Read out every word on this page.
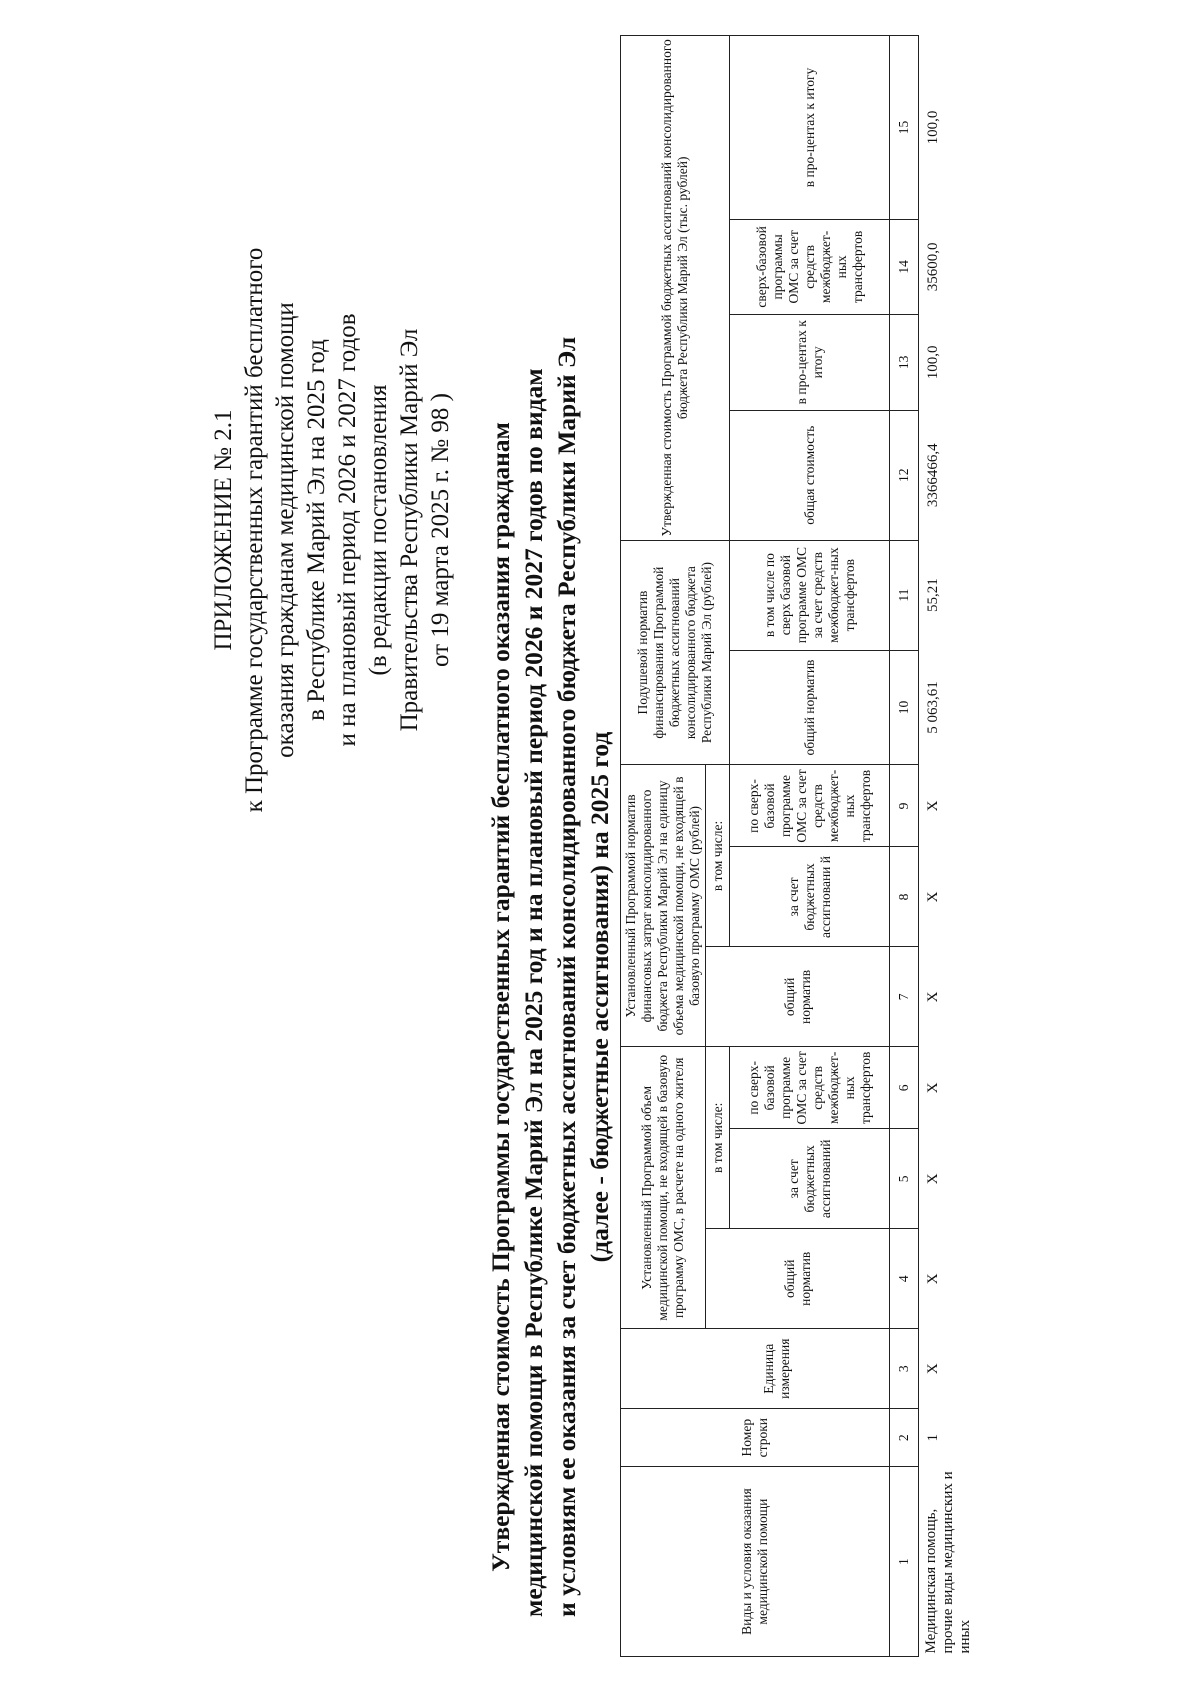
ПРИЛОЖЕНИЕ № 2.1 к Программе государственных гарантий бесплатного оказания гражданам медицинской помощи в Республике Марий Эл на 2025 год и на плановый период 2026 и 2027 годов (в редакции постановления Правительства Республики Марий Эл от 19 марта 2025 г. № 98 ) Утвержденная стоимость Программы государственных гарантий бесплатного оказания гражданам медицинской помощи в Республике Марий Эл на 2025 год и на плановый период 2026 и 2027 годов по видам и условиям ее оказания за счет бюджетных ассигнований консолидированного бюджета Республики Марий Эл (далее - бюджетные ассигнования) на 2025 год
Виды и условия оказания медицинской помощи	Номер строки	Единица измерения	Установленный Программой объем медицинской помощи, не входящей в базовую программу ОМС, в расчете на одного жителя			Установленный Программой норматив финансовых затрат консолидированного бюджета Республики Марий Эл на единицу объема медицинской помощи, не входящей в базовую программу ОМС (рублей)			Подушевой норматив финансирования Программой бюджетных ассигнований консолидированного бюджета Республики Марий Эл (рублей)		Утвержденная стоимость Программой бюджетных ассигнований консолидированного бюджета Республики Марий Эл (тыс. рублей)			
			общий норматив	в том числе:		общий норматив	в том числе:							
				за счет бюджетных ассигнований	по сверх-базовой программе ОМС за счет средств межбюджет-ных трансфертов		за счет бюджетных ассигновани й	по сверх-базовой программе ОМС за счет средств межбюджет-ных трансфертов	общий норматив	в том числе по сверх базовой программе ОМС за счет средств межбюджет-ных трансфертов	общая стоимость	в про-центах к итогу	сверх-базовой программы ОМС за счет средств межбюджет-ных трансфертов	в про-центах к итогу
1	2	3	4	5	6	7	8	9	10	11	12	13	14	15
Медицинская помощь, прочие виды медицинских и иных	1	Х	Х	Х	Х	Х	Х	Х	5 063,61	55,21	3366466,4	100,0	35600,0	100,0
